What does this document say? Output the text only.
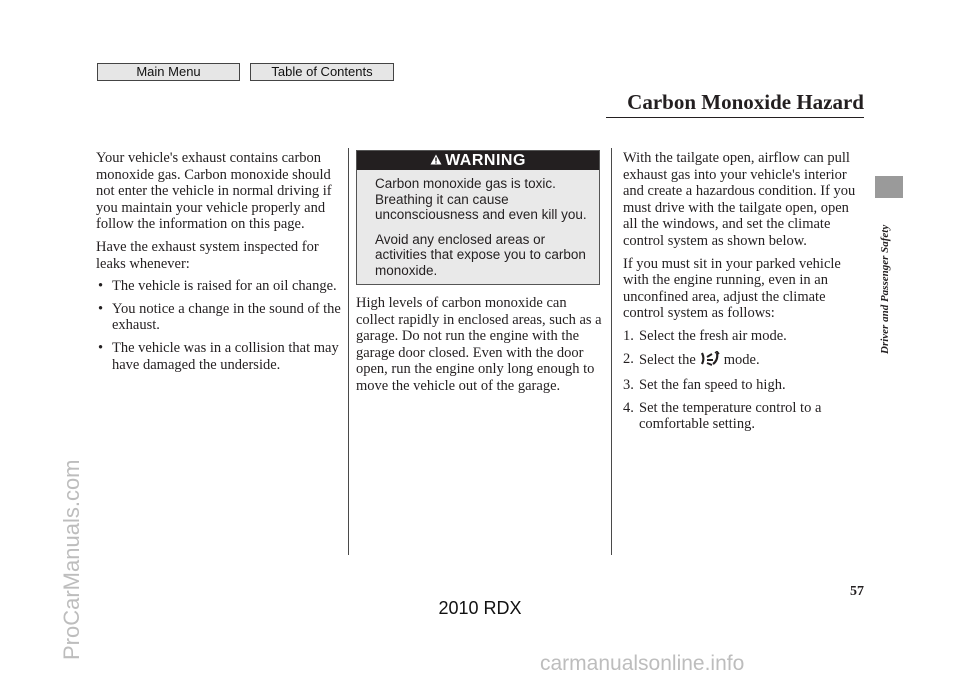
Main Menu	Table of Contents
Carbon Monoxide Hazard
Driver and Passenger Safety

Your vehicle's exhaust contains carbon monoxide gas. Carbon monoxide should not enter the vehicle in normal driving if you maintain your vehicle properly and follow the information on this page.

Have the exhaust system inspected for leaks whenever:

• The vehicle is raised for an oil change.
• You notice a change in the sound of the exhaust.
• The vehicle was in a collision that may have damaged the underside.
WARNING

Carbon monoxide gas is toxic. Breathing it can cause unconsciousness and even kill you.

Avoid any enclosed areas or activities that expose you to carbon monoxide.

High levels of carbon monoxide can collect rapidly in enclosed areas, such as a garage. Do not run the engine with the garage door closed. Even with the door open, run the engine only long enough to move the vehicle out of the garage.

With the tailgate open, airflow can pull exhaust gas into your vehicle's interior and create a hazardous condition. If you must drive with the tailgate open, open all the windows, and set the climate control system as shown below.

If you must sit in your parked vehicle with the engine running, even in an unconfined area, adjust the climate control system as follows:

1. Select the fresh air mode.
2. Select the mode.
3. Set the fan speed to high.
4. Set the temperature control to a comfortable setting.
57
2010 RDX
ProCarManuals.com
carmanualsonline.info
